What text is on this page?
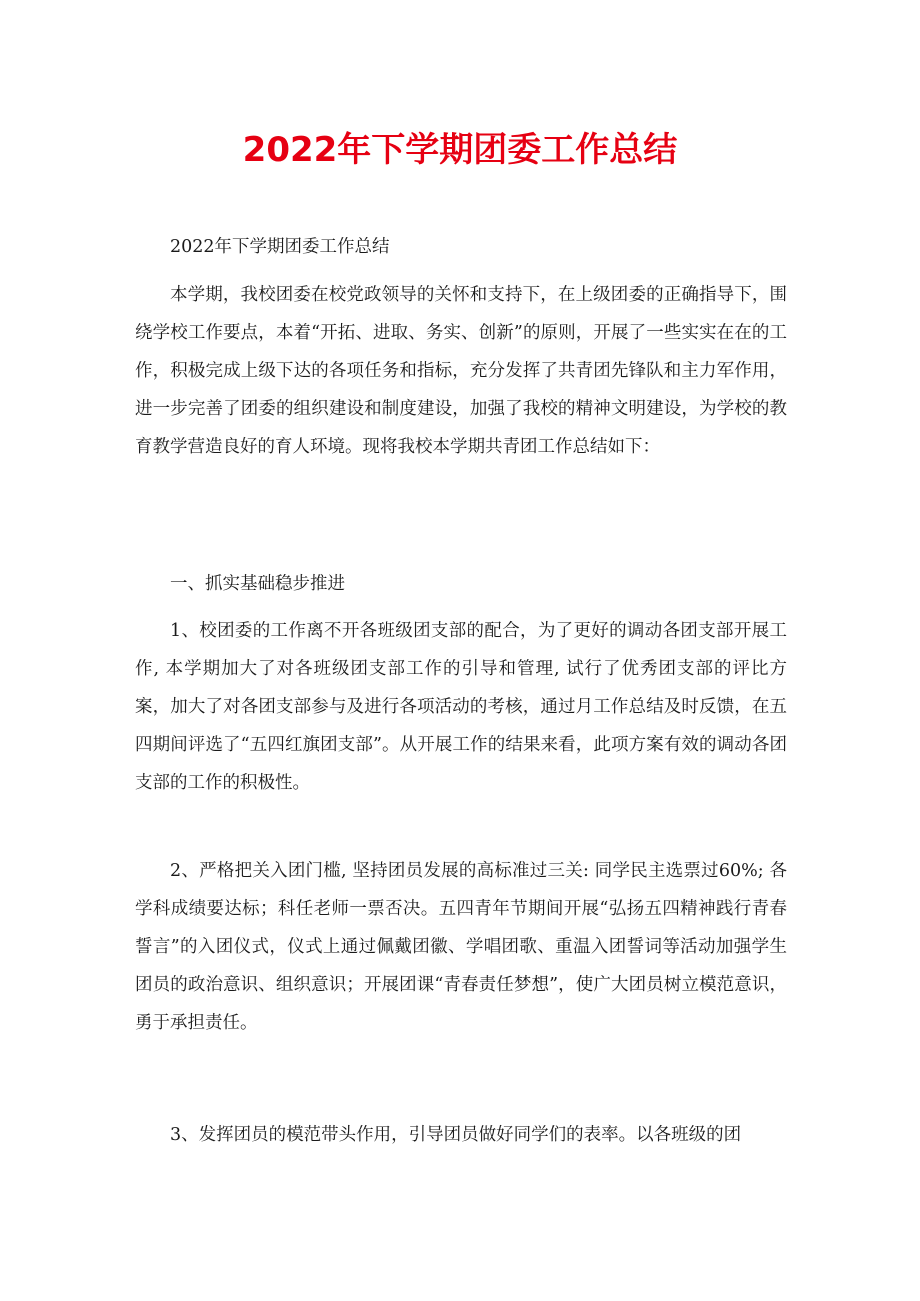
2022年下学期团委工作总结

2022年下学期团委工作总结

本学期，我校团委在校党政领导的关怀和支持下，在上级团委的正确指导下，围绕学校工作要点，本着“开拓、进取、务实、创新”的原则，开展了一些实实在在的工作，积极完成上级下达的各项任务和指标，充分发挥了共青团先锋队和主力军作用，进一步完善了团委的组织建设和制度建设，加强了我校的精神文明建设，为学校的教育教学营造良好的育人环境。现将我校本学期共青团工作总结如下：

一、抓实基础稳步推进

1、校团委的工作离不开各班级团支部的配合，为了更好的调动各团支部开展工作, 本学期加大了对各班级团支部工作的引导和管理, 试行了优秀团支部的评比方案，加大了对各团支部参与及进行各项活动的考核，通过月工作总结及时反馈，在五四期间评选了“五四红旗团支部”。从开展工作的结果来看，此项方案有效的调动各团支部的工作的积极性。

2、严格把关入团门槛, 坚持团员发展的高标准过三关: 同学民主选票过60%; 各学科成绩要达标；科任老师一票否决。五四青年节期间开展“弘扬五四精神践行青春誓言”的入团仪式，仪式上通过佩戴团徽、学唱团歌、重温入团誓词等活动加强学生团员的政治意识、组织意识；开展团课“青春责任梦想”，使广大团员树立模范意识，勇于承担责任。

3、发挥团员的模范带头作用，引导团员做好同学们的表率。以各班级的团
